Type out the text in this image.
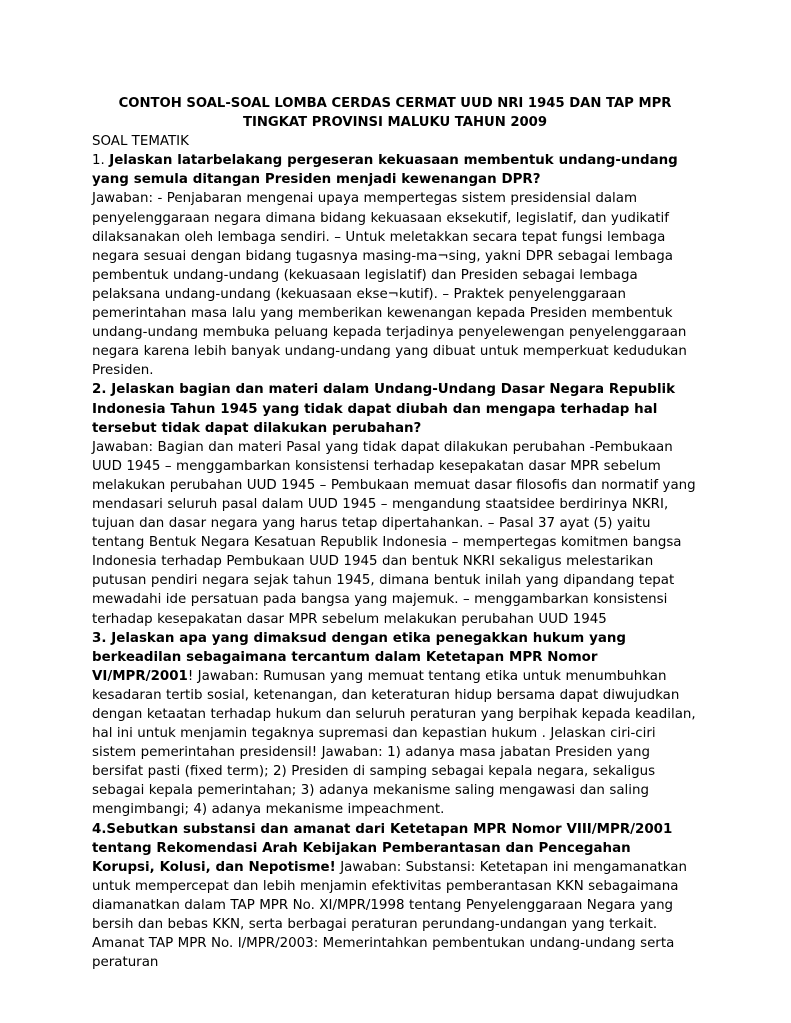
CONTOH SOAL-SOAL LOMBA CERDAS CERMAT UUD NRI 1945 DAN TAP MPR
TINGKAT PROVINSI MALUKU TAHUN 2009

SOAL TEMATIK

1. Jelaskan latarbelakang pergeseran kekuasaan membentuk undang-undang yang semula ditangan Presiden menjadi kewenangan DPR?

Jawaban: - Penjabaran mengenai upaya mempertegas sistem presidensial dalam penyelenggaraan negara dimana bidang kekuasaan eksekutif, legislatif, dan yudikatif dilaksanakan oleh lembaga sendiri. – Untuk meletakkan secara tepat fungsi lembaga negara sesuai dengan bidang tugasnya masing-ma¬sing, yakni DPR sebagai lembaga pembentuk undang-undang (kekuasaan legislatif) dan Presiden sebagai lembaga pelaksana undang-undang (kekuasaan ekse¬kutif). – Praktek penyelenggaraan pemerintahan masa lalu yang memberikan kewenangan kepada Presiden membentuk undang-undang membuka peluang kepada terjadinya penyelewengan penyelenggaraan negara karena lebih banyak undang-undang yang dibuat untuk memperkuat kedudukan Presiden.

2. Jelaskan bagian dan materi dalam Undang-Undang Dasar Negara Republik Indonesia Tahun 1945 yang tidak dapat diubah dan mengapa terhadap hal tersebut tidak dapat dilakukan perubahan?

Jawaban: Bagian dan materi Pasal yang tidak dapat dilakukan perubahan -Pembukaan UUD 1945 – menggambarkan konsistensi terhadap kesepakatan dasar MPR sebelum melakukan perubahan UUD 1945 – Pembukaan memuat dasar filosofis dan normatif yang mendasari seluruh pasal dalam UUD 1945 – mengandung staatsidee berdirinya NKRI, tujuan dan dasar negara yang harus tetap dipertahankan. – Pasal 37 ayat (5) yaitu tentang Bentuk Negara Kesatuan Republik Indonesia – mempertegas komitmen bangsa Indonesia terhadap Pembukaan UUD 1945 dan bentuk NKRI sekaligus melestarikan putusan pendiri negara sejak tahun 1945, dimana bentuk inilah yang dipandang tepat mewadahi ide persatuan pada bangsa yang majemuk. – menggambarkan konsistensi terhadap kesepakatan dasar MPR sebelum melakukan perubahan UUD 1945

3. Jelaskan apa yang dimaksud dengan etika penegakkan hukum yang berkeadilan sebagaimana tercantum dalam Ketetapan MPR Nomor VI/MPR/2001! Jawaban: Rumusan yang memuat tentang etika untuk menumbuhkan kesadaran tertib sosial, ketenangan, dan keteraturan hidup bersama dapat diwujudkan dengan ketaatan terhadap hukum dan seluruh peraturan yang berpihak kepada keadilan, hal ini untuk menjamin tegaknya supremasi dan kepastian hukum . Jelaskan ciri-ciri sistem pemerintahan presidensil! Jawaban: 1) adanya masa jabatan Presiden yang bersifat pasti (fixed term); 2) Presiden di samping sebagai kepala negara, sekaligus sebagai kepala pemerintahan; 3) adanya mekanisme saling mengawasi dan saling mengimbangi; 4) adanya mekanisme impeachment.

4.Sebutkan substansi dan amanat dari Ketetapan MPR Nomor VIII/MPR/2001 tentang Rekomendasi Arah Kebijakan Pemberantasan dan Pencegahan Korupsi, Kolusi, dan Nepotisme! Jawaban: Substansi: Ketetapan ini mengamanatkan untuk mempercepat dan lebih menjamin efektivitas pemberantasan KKN sebagaimana diamanatkan dalam TAP MPR No. XI/MPR/1998 tentang Penyelenggaraan Negara yang bersih dan bebas KKN, serta berbagai peraturan perundang-undangan yang terkait. Amanat TAP MPR No. I/MPR/2003: Memerintahkan pembentukan undang-undang serta peraturan
